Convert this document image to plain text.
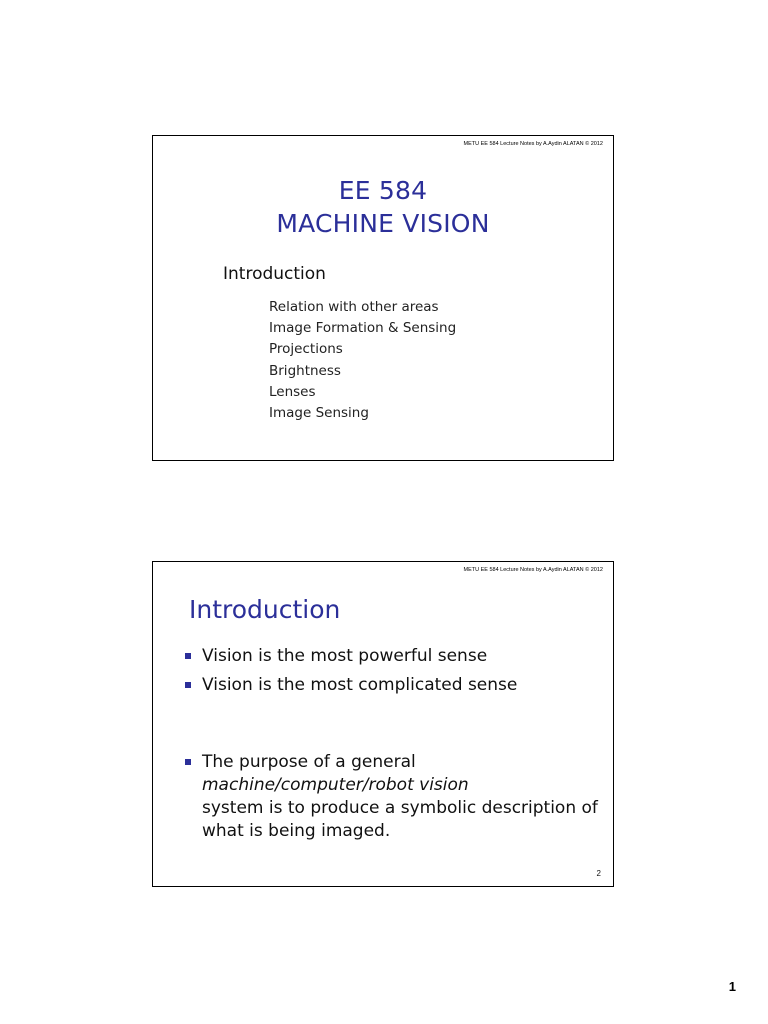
METU EE 584 Lecture Notes by A.Aydin ALATAN © 2012
EE 584
MACHINE VISION
Introduction
Relation with other areas
Image Formation & Sensing
Projections
Brightness
Lenses
Image Sensing
METU EE 584 Lecture Notes by A.Aydin ALATAN © 2012
Introduction
Vision is the most powerful sense
Vision is the most complicated sense
The purpose of a general
machine/computer/robot vision
system is to produce a symbolic description of what is being imaged.
2
1
